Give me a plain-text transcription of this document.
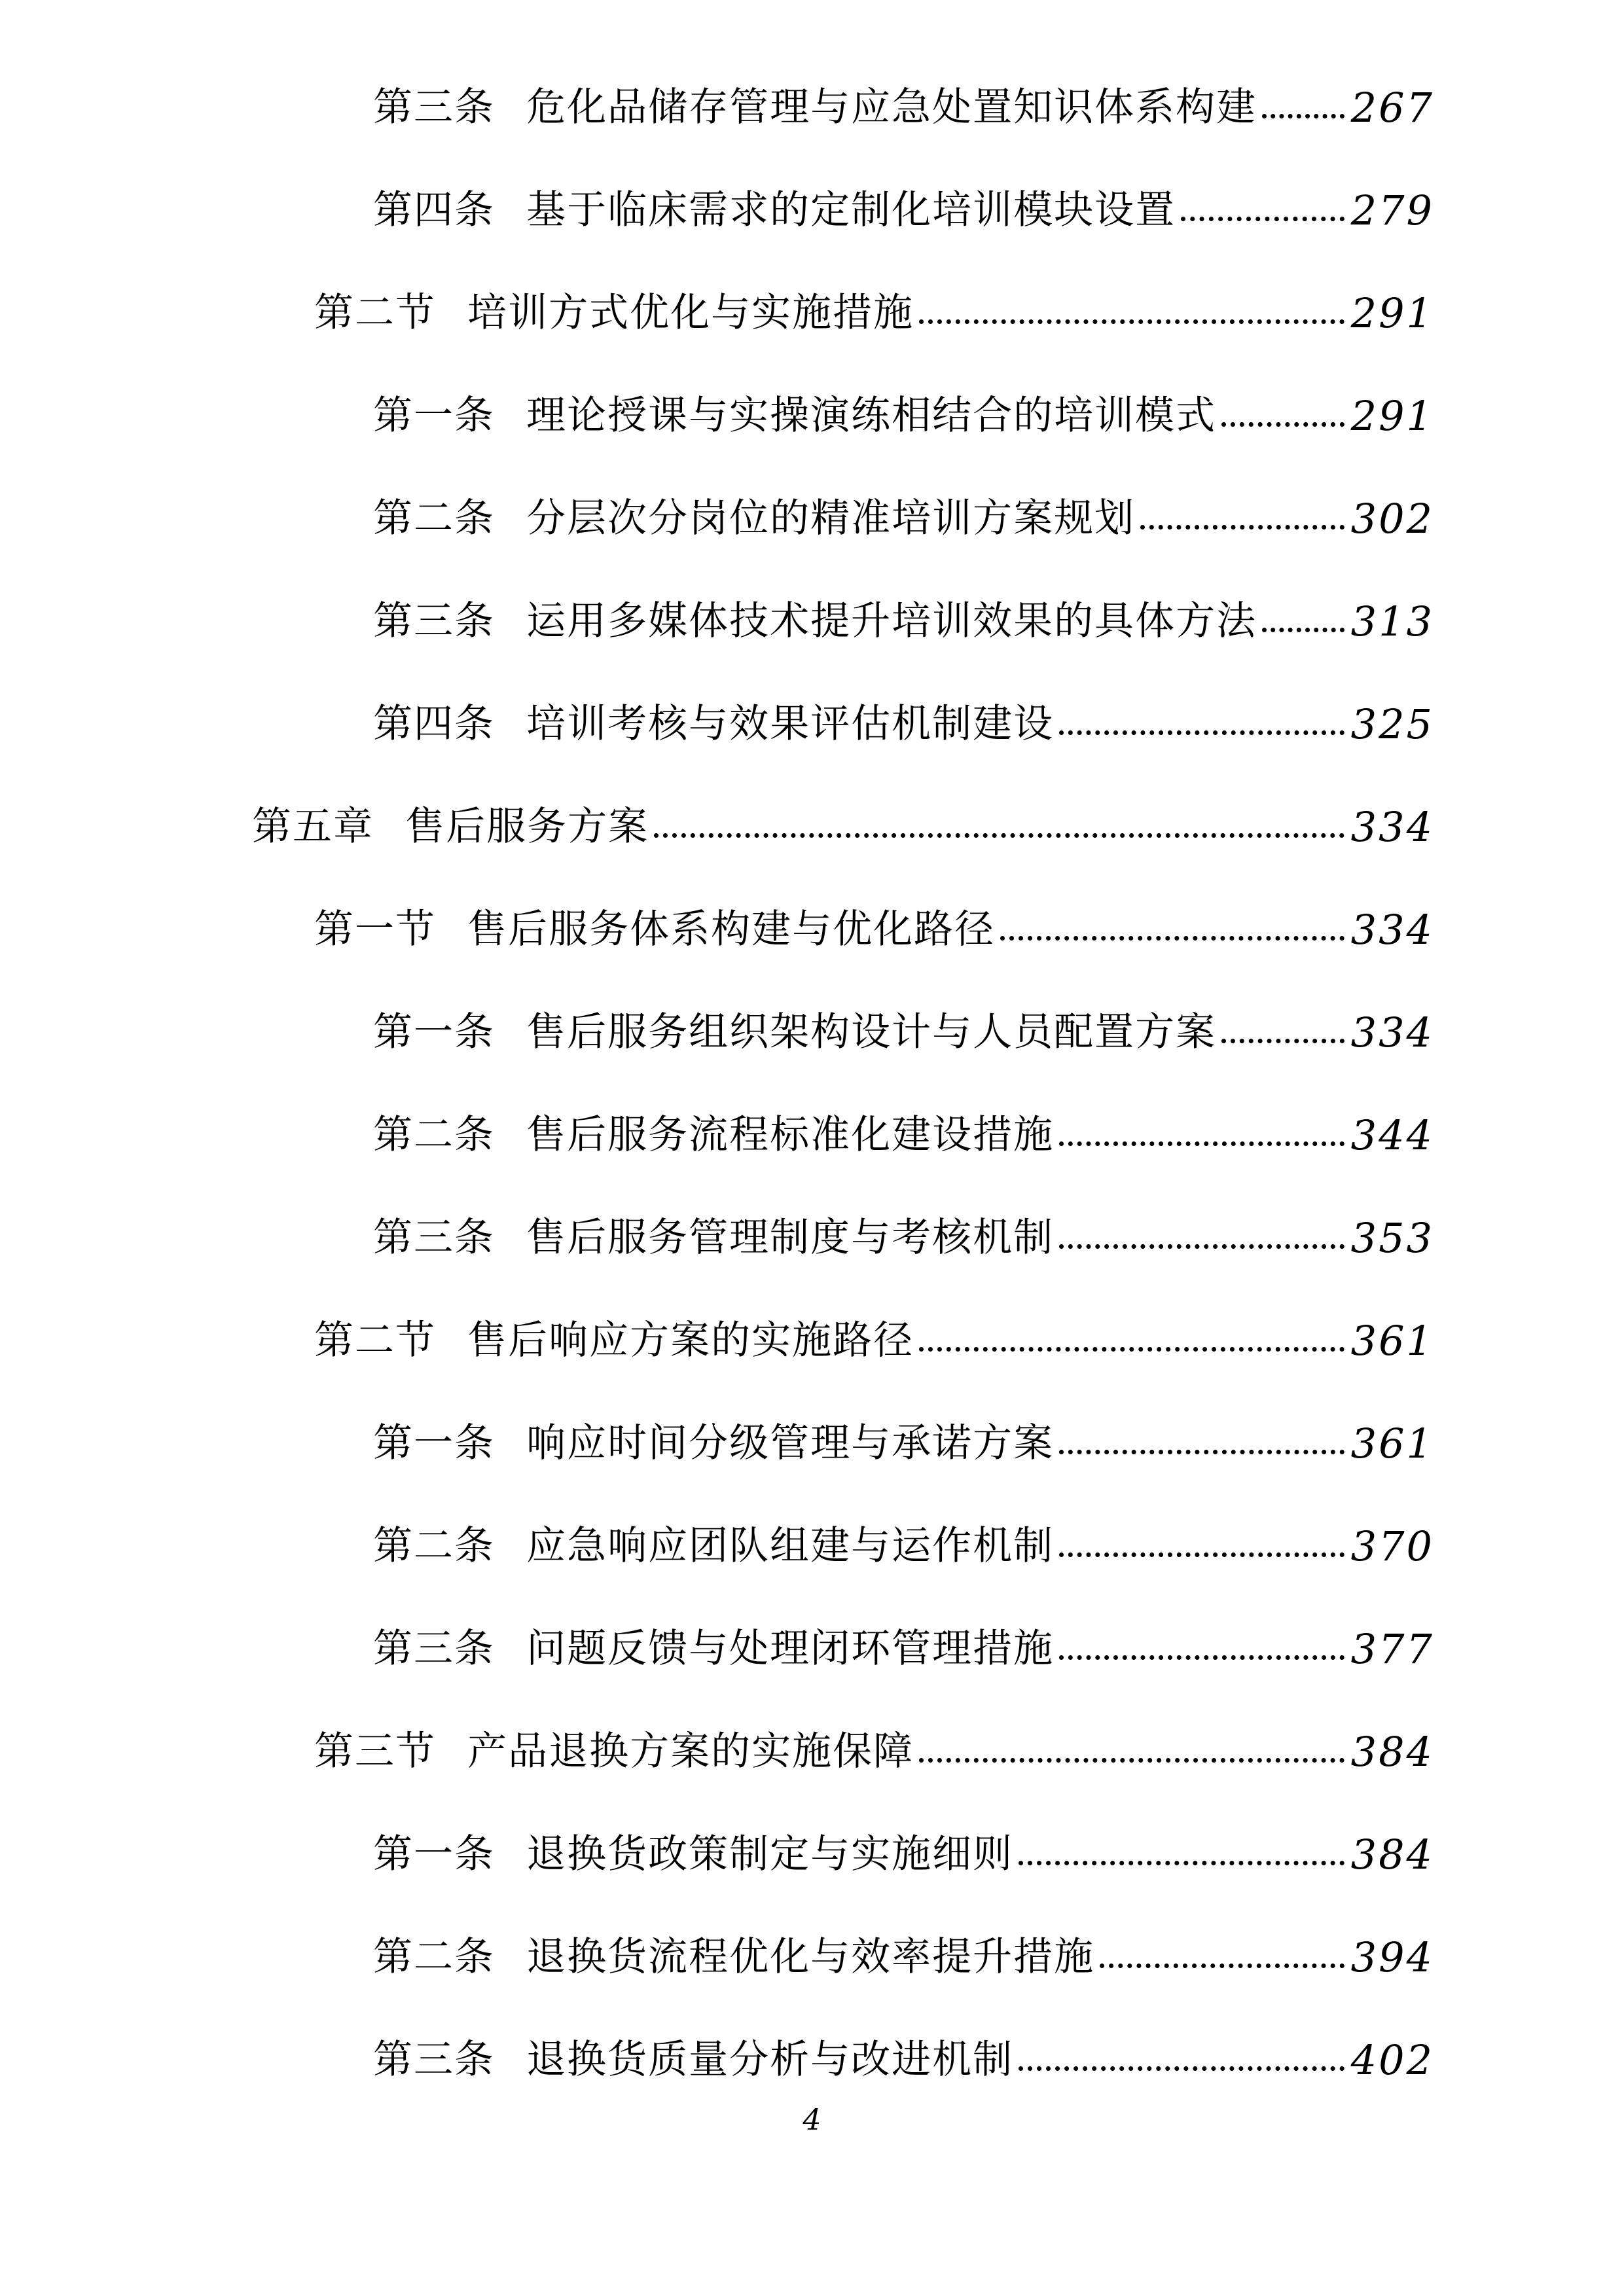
第三条 危化品储存管理与应急处置知识体系构建 267
第四条 基于临床需求的定制化培训模块设置	279
第二节 培训方式优化与实施措施	291
第一条 理论授课与实操演练相结合的培训模式	291
第二条 分层次分岗位的精准培训方案规划	302
第三条 运用多媒体技术提升培训效果的具体方法 313
第四条 培训考核与效果评估机制建设	325
第五章 售后服务方案	334
第一节 售后服务体系构建与优化路径	334
第一条 售后服务组织架构设计与人员配置方案	334
第二条 售后服务流程标准化建设措施	344
第三条 售后服务管理制度与考核机制	353
第二节 售后响应方案的实施路径	361
第一条 响应时间分级管理与承诺方案	361
第二条 应急响应团队组建与运作机制	370
第三条 问题反馈与处理闭环管理措施	377
第三节 产品退换方案的实施保障	384
第一条 退换货政策制定与实施细则	384
第二条 退换货流程优化与效率提升措施	394
第三条 退换货质量分析与改进机制	402
4
